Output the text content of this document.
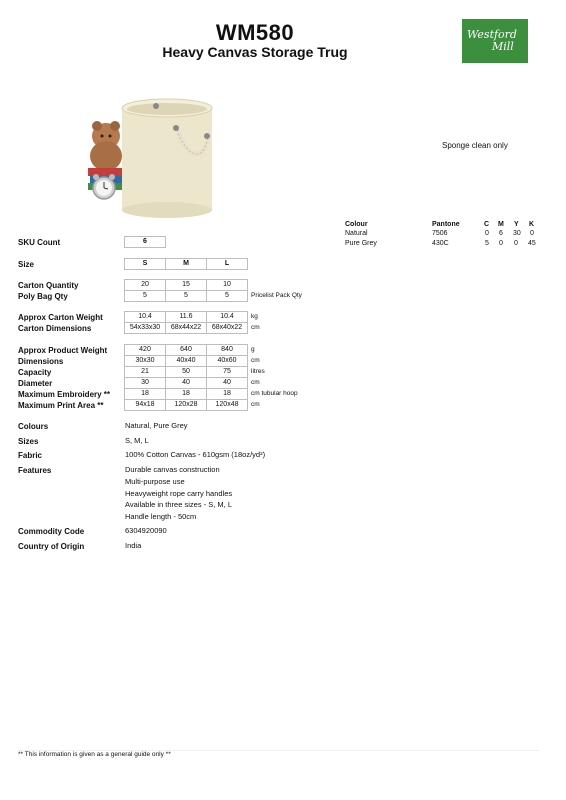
WM580
Heavy Canvas Storage Trug
Westford
Mill
Sponge clean only
Colour	Pantone	C M Y K
Natural	7506	0 6 30 0
Pure Grey	430C	5 0 0 45
SKU Count	6
Size	S	M	L
Carton Quantity	20	15	10
Poly Bag Qty	5	5	5	Pricelist Pack Qty
Approx Carton Weight	10.4	11.6	10.4	kg
Carton Dimensions	54x33x30	68x44x22	68x40x22	cm
Approx Product Weight	420	640	840	g
Dimensions	30x30	40x40	40x60	cm
Capacity	21	50	75	litres
Diameter	30	40	40	cm
Maximum Embroidery **	18	18	18	cm tubular hoop
Maximum Print Area **	94x18	120x28	120x48	cm
Colours	Natural, Pure Grey
Sizes	S, M, L
Fabric	100% Cotton Canvas - 610gsm (18oz/yd²)
Features	Durable canvas construction
Multi-purpose use
Heavyweight rope carry handles
Available in three sizes - S, M, L
Handle length - 50cm
Commodity Code	6304920090
Country of Origin	India
** This information is given as a general guide only **
